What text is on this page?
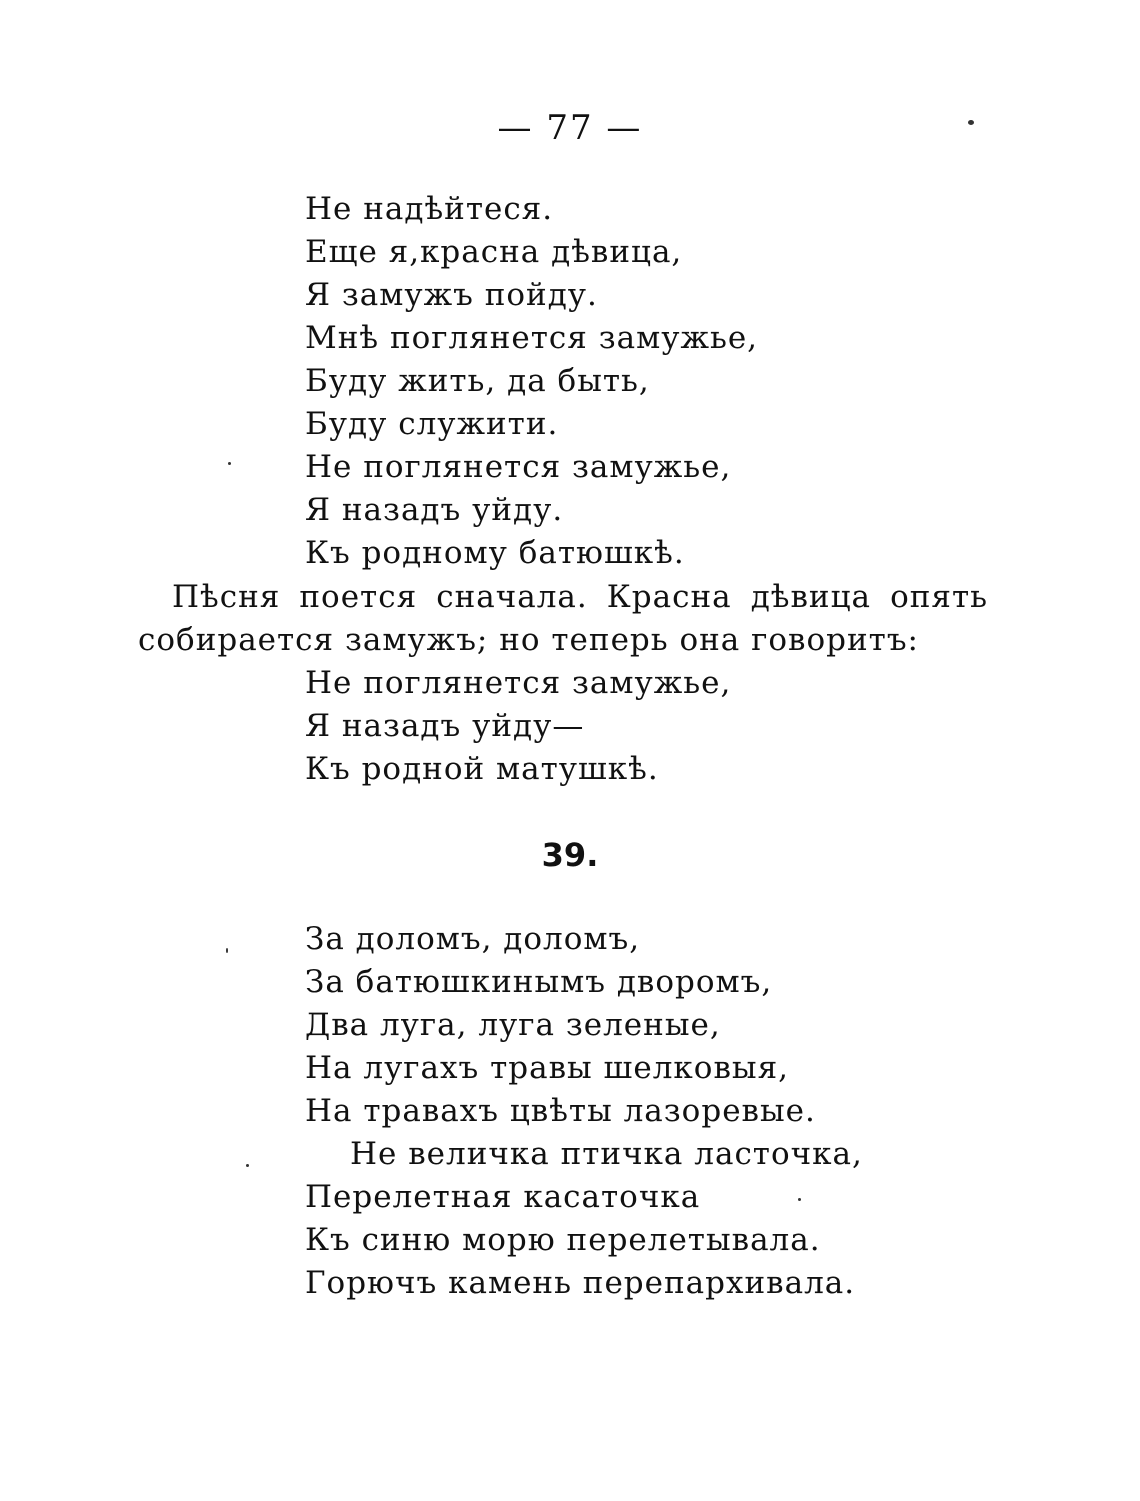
— 77 —
Не надѣйтеся.
Еще я,красна дѣвица,
Я замужъ пойду.
Мнѣ поглянется замужье,
Буду жить, да быть,
Буду служити.
Не поглянется замужье,
Я назадъ уйду.
Къ родному батюшкѣ.

Пѣсня поется сначала. Красна дѣвица опять
собирается замужъ; но теперь она говоритъ:

Не поглянется замужье,
Я назадъ уйду—
Къ родной матушкѣ.
39.
За доломъ, доломъ,
За батюшкинымъ дворомъ,
Два луга, луга зеленые,
На лугахъ травы шелковыя,
На травахъ цвѣты лазоревые.
Не величка птичка ласточка,
Перелетная касаточка
Къ синю морю перелетывала.
Горючъ камень перепархивала.
